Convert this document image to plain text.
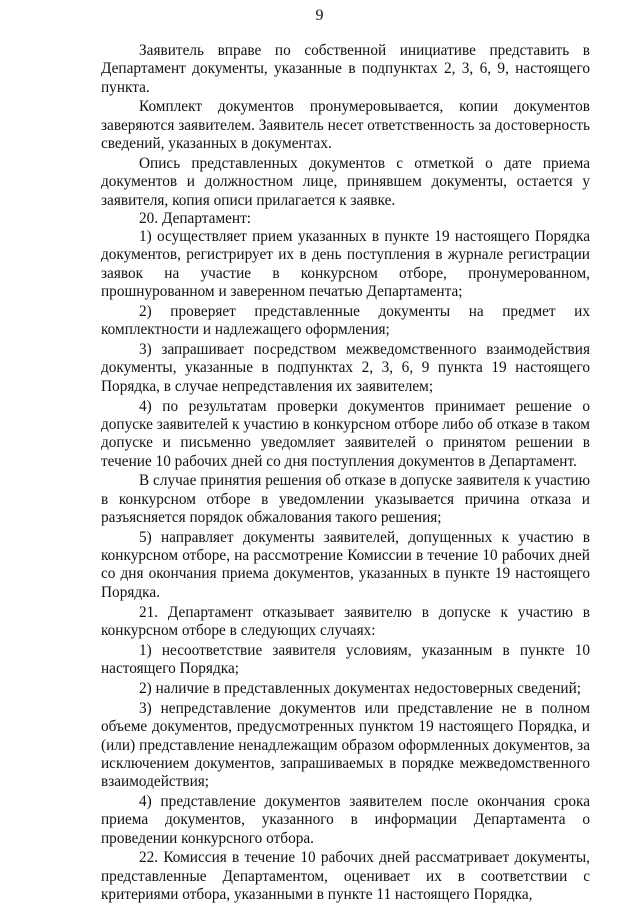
9

Заявитель вправе по собственной инициативе представить в Департамент документы, указанные в подпунктах 2, 3, 6, 9, настоящего пункта.

Комплект документов пронумеровывается, копии документов заверяются заявителем. Заявитель несет ответственность за достоверность сведений, указанных в документах.

Опись представленных документов с отметкой о дате приема документов и должностном лице, принявшем документы, остается у заявителя, копия описи прилагается к заявке.

20. Департамент:

1) осуществляет прием указанных в пункте 19 настоящего Порядка документов, регистрирует их в день поступления в журнале регистрации заявок на участие в конкурсном отборе, пронумерованном, прошнурованном и заверенном печатью Департамента;

2) проверяет представленные документы на предмет их комплектности и надлежащего оформления;

3) запрашивает посредством межведомственного взаимодействия документы, указанные в подпунктах 2, 3, 6, 9 пункта 19 настоящего Порядка, в случае непредставления их заявителем;

4) по результатам проверки документов принимает решение о допуске заявителей к участию в конкурсном отборе либо об отказе в таком допуске и письменно уведомляет заявителей о принятом решении в течение 10 рабочих дней со дня поступления документов в Департамент.

В случае принятия решения об отказе в допуске заявителя к участию в конкурсном отборе в уведомлении указывается причина отказа и разъясняется порядок обжалования такого решения;

5) направляет документы заявителей, допущенных к участию в конкурсном отборе, на рассмотрение Комиссии в течение 10 рабочих дней со дня окончания приема документов, указанных в пункте 19 настоящего Порядка.

21. Департамент отказывает заявителю в допуске к участию в конкурсном отборе в следующих случаях:

1) несоответствие заявителя условиям, указанным в пункте 10 настоящего Порядка;

2) наличие в представленных документах недостоверных сведений;

3) непредставление документов или представление не в полном объеме документов, предусмотренных пунктом 19 настоящего Порядка, и (или) представление ненадлежащим образом оформленных документов, за исключением документов, запрашиваемых в порядке межведомственного взаимодействия;

4) представление документов заявителем после окончания срока приема документов, указанного в информации Департамента о проведении конкурсного отбора.

22. Комиссия в течение 10 рабочих дней рассматривает документы, представленные Департаментом, оценивает их в соответствии с критериями отбора, указанными в пункте 11 настоящего Порядка,
